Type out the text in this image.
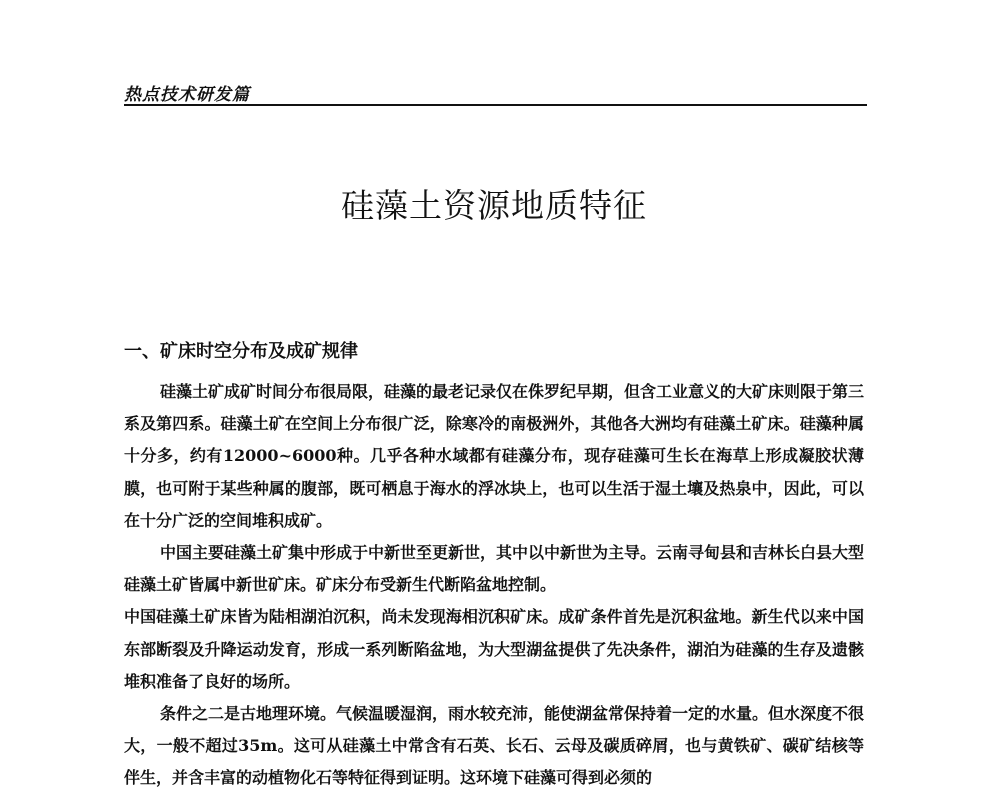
热点技术研发篇
硅藻土资源地质特征
一、矿床时空分布及成矿规律

硅藻土矿成矿时间分布很局限，硅藻的最老记录仅在侏罗纪早期，但含工业意义的大矿床则限于第三系及第四系。硅藻土矿在空间上分布很广泛，除寒冷的南极洲外，其他各大洲均有硅藻土矿床。硅藻种属十分多，约有12000~6000种。几乎各种水域都有硅藻分布，现存硅藻可生长在海草上形成凝胶状薄膜，也可附于某些种属的腹部，既可栖息于海水的浮冰块上，也可以生活于湿土壤及热泉中，因此，可以在十分广泛的空间堆积成矿。

中国主要硅藻土矿集中形成于中新世至更新世，其中以中新世为主导。云南寻甸县和吉林长白县大型硅藻土矿皆属中新世矿床。矿床分布受新生代断陷盆地控制。

中国硅藻土矿床皆为陆相湖泊沉积，尚未发现海相沉积矿床。成矿条件首先是沉积盆地。新生代以来中国东部断裂及升降运动发育，形成一系列断陷盆地，为大型湖盆提供了先决条件，湖泊为硅藻的生存及遗骸堆积准备了良好的场所。

条件之二是古地理环境。气候温暖湿润，雨水较充沛，能使湖盆常保持着一定的水量。但水深度不很大，一般不超过35m。这可从硅藻土中常含有石英、长石、云母及碳质碎屑，也与黄铁矿、碳矿结核等伴生，并含丰富的动植物化石等特征得到证明。这环境下硅藻可得到必须的
